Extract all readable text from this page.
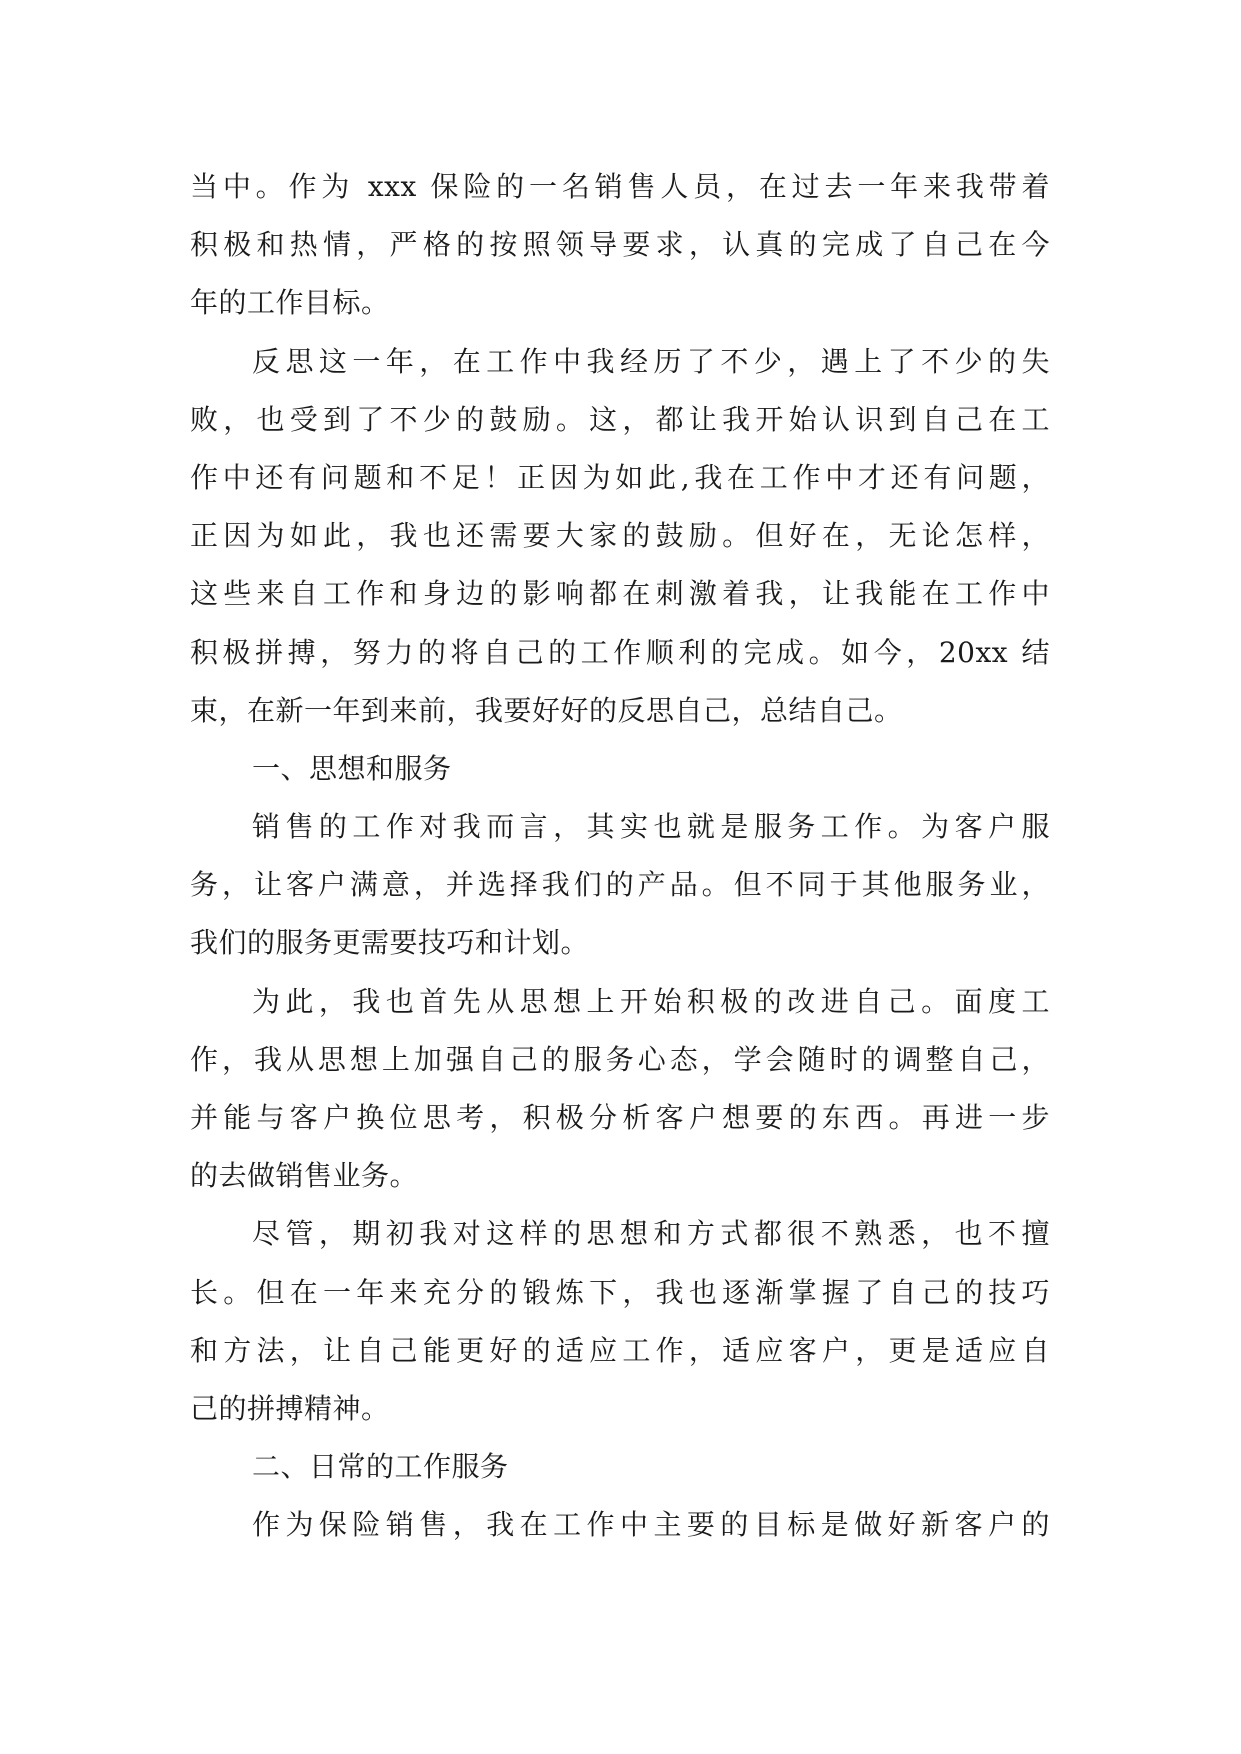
当中。作为 xxx 保险的一名销售人员，在过去一年来我带着
积极和热情，严格的按照领导要求，认真的完成了自己在今
年的工作目标。
反思这一年，在工作中我经历了不少，遇上了不少的失
败，也受到了不少的鼓励。这，都让我开始认识到自己在工
作中还有问题和不足！正因为如此,我在工作中才还有问题，
正因为如此，我也还需要大家的鼓励。但好在，无论怎样，
这些来自工作和身边的影响都在刺激着我，让我能在工作中
积极拼搏，努力的将自己的工作顺利的完成。如今，20xx 结
束，在新一年到来前，我要好好的反思自己，总结自己。
一、思想和服务
销售的工作对我而言，其实也就是服务工作。为客户服
务，让客户满意，并选择我们的产品。但不同于其他服务业，
我们的服务更需要技巧和计划。
为此，我也首先从思想上开始积极的改进自己。面度工
作，我从思想上加强自己的服务心态，学会随时的调整自己，
并能与客户换位思考，积极分析客户想要的东西。再进一步
的去做销售业务。
尽管，期初我对这样的思想和方式都很不熟悉，也不擅
长。但在一年来充分的锻炼下，我也逐渐掌握了自己的技巧
和方法，让自己能更好的适应工作，适应客户，更是适应自
己的拼搏精神。
二、日常的工作服务
作为保险销售，我在工作中主要的目标是做好新客户的
